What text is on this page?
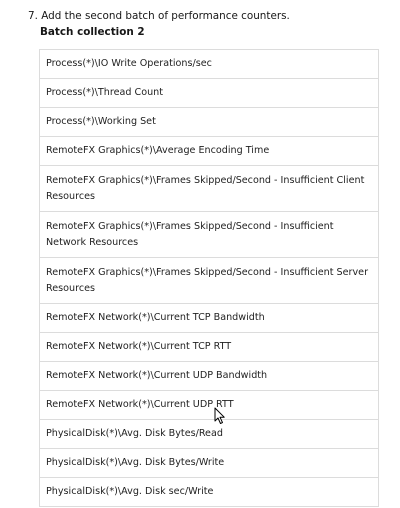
7. Add the second batch of performance counters.
Batch collection 2
Process(*)\IO Write Operations/sec
Process(*)\Thread Count
Process(*)\Working Set
RemoteFX Graphics(*)\Average Encoding Time
RemoteFX Graphics(*)\Frames Skipped/Second - Insufficient Client Resources
RemoteFX Graphics(*)\Frames Skipped/Second - Insufficient Network Resources
RemoteFX Graphics(*)\Frames Skipped/Second - Insufficient Server Resources
RemoteFX Network(*)\Current TCP Bandwidth
RemoteFX Network(*)\Current TCP RTT
RemoteFX Network(*)\Current UDP Bandwidth
RemoteFX Network(*)\Current UDP RTT
PhysicalDisk(*)\Avg. Disk Bytes/Read
PhysicalDisk(*)\Avg. Disk Bytes/Write
PhysicalDisk(*)\Avg. Disk sec/Write
